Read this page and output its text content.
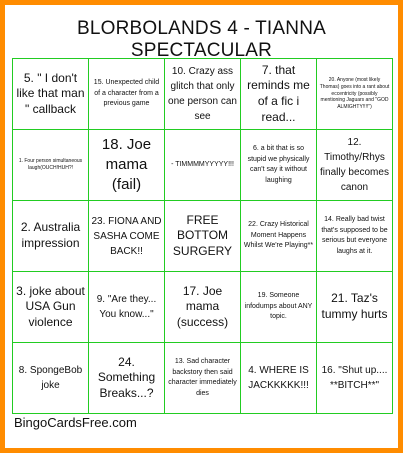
BLORBOLANDS 4 - TIANNA SPECTACULAR
5. " I don't like that man " callback
15. Unexpected child of a character from a previous game
10. Crazy ass glitch that only one person can see
7. that reminds me of a fic i read...
20. Anyone (most likely Thomas) goes into a rant about eccentricity (possibly mentioning Jaguars and "GOD ALMIGHTY!!!!")
1. Four person simultaneous laugh(OUCH!HUH?!
18. Joe mama (fail)
- TIMMMMYYYYY!!!
6. a bit that is so stupid we physically can't say it without laughing
12. Timothy/Rhys finally becomes canon
2. Australia impression
23. FIONA AND SASHA COME BACK!!
FREE BOTTOM SURGERY
22. Crazy Historical Moment Happens Whilst We're Playing**
14. Really bad twist that's supposed to be serious but everyone laughs at it.
3. joke about USA Gun violence
9. "Are they... You know..."
17. Joe mama (success)
19. Someone infodumps about ANY topic.
21. Taz's tummy hurts
8. SpongeBob joke
24. Something Breaks...?
13. Sad character backstory then said character immediately dies
4. WHERE IS JACKKKKK!!!
16. "Shut up.... **BITCH**"
BingoCardsFree.com
